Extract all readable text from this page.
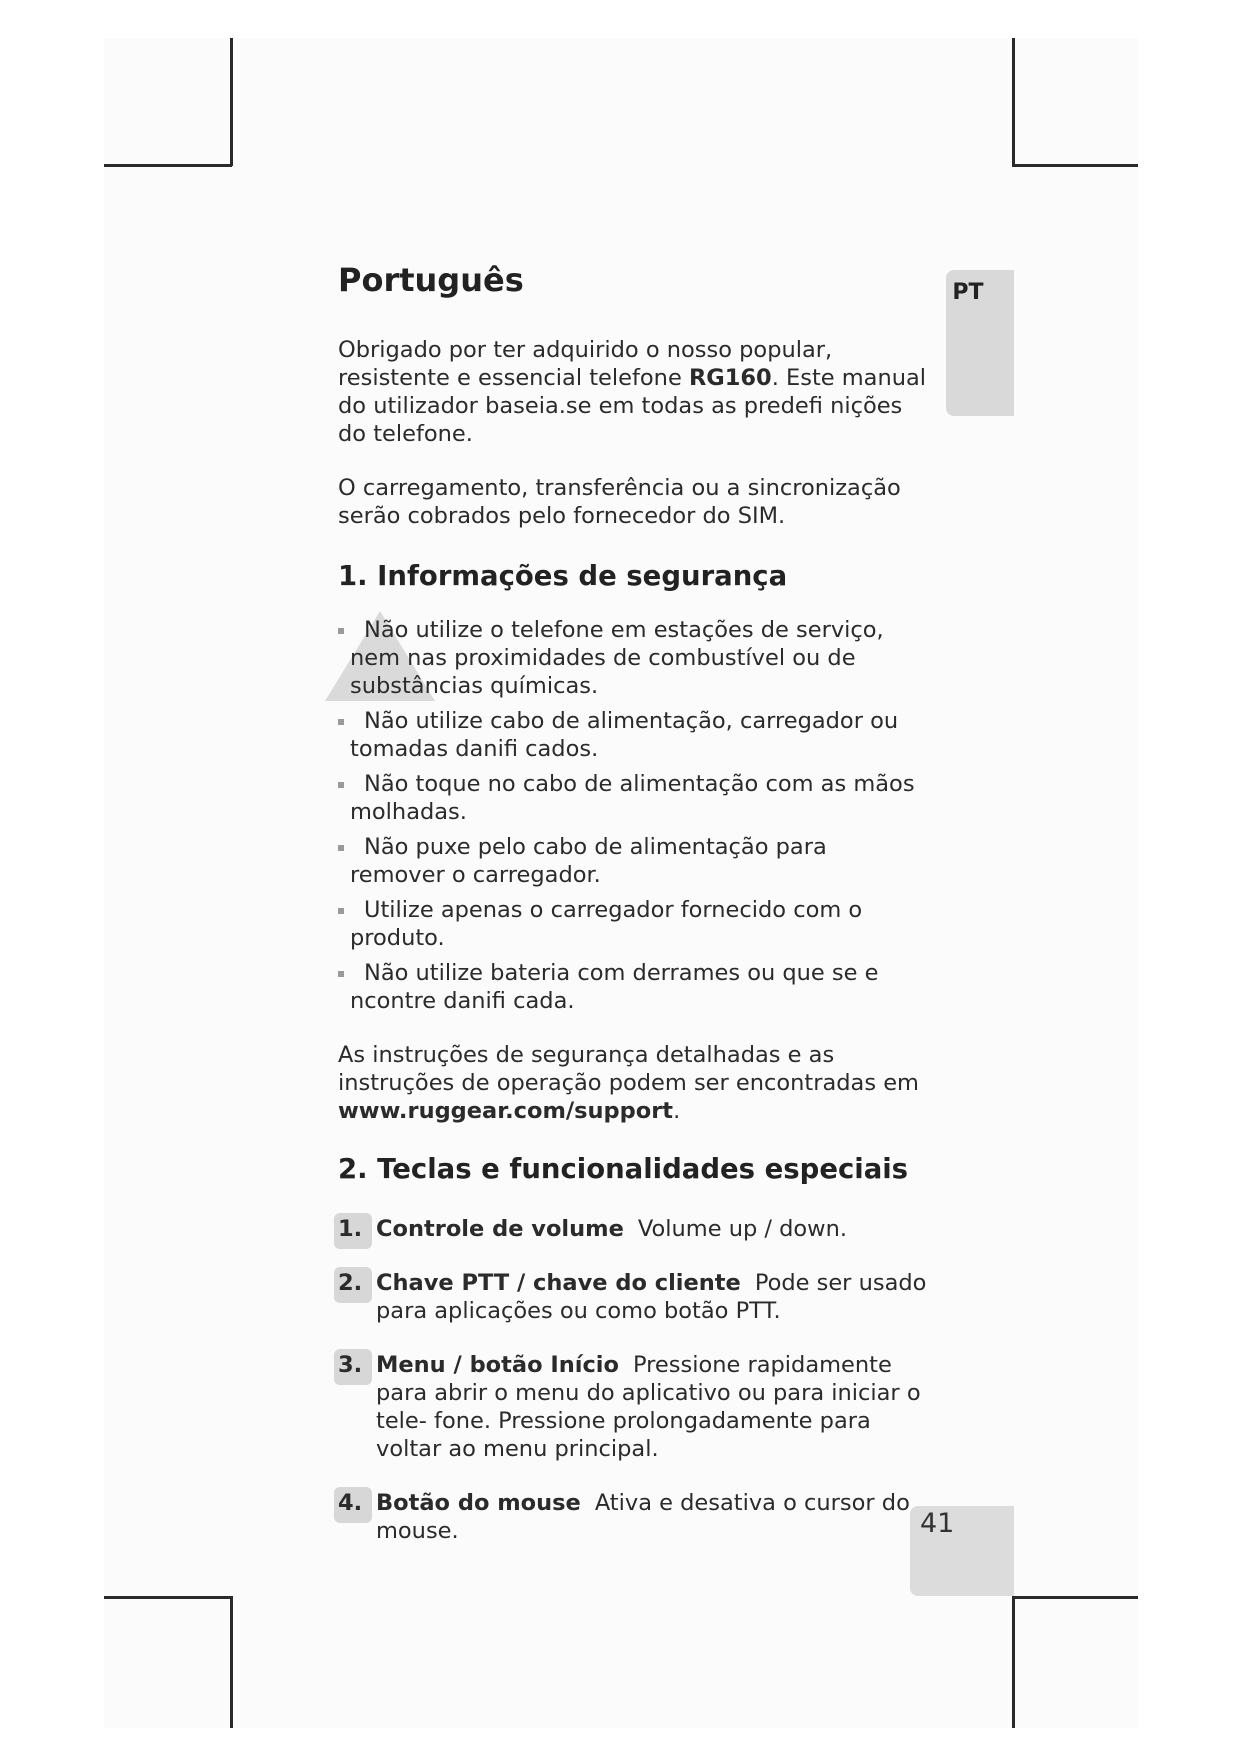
PT
41
Português

Obrigado por ter adquirido o nosso popular, resistente e essencial telefone RG160. Este manual do utilizador baseia.se em todas as predefi nições do telefone.

O carregamento, transferência ou a sincronização serão cobrados pelo fornecedor do SIM.

1. Informações de segurança
Não utilize o telefone em estações de serviço, nem nas proximidades de combustível ou de substâncias químicas.
Não utilize cabo de alimentação, carregador ou tomadas danifi cados.
Não toque no cabo de alimentação com as mãos molhadas.
Não puxe pelo cabo de alimentação para remover o carregador.
Utilize apenas o carregador fornecido com o produto.
Não utilize bateria com derrames ou que se e ncontre danifi cada.

As instruções de segurança detalhadas e as instruções de operação podem ser encontradas em www.ruggear.com/support.

2. Teclas e funcionalidades especiais
1. Controle de volume Volume up / down.
2. Chave PTT / chave do cliente Pode ser usado para aplicações ou como botão PTT.
3. Menu / botão Início Pressione rapidamente para abrir o menu do aplicativo ou para iniciar o tele- fone. Pressione prolongadamente para voltar ao menu principal.
4. Botão do mouse Ativa e desativa o cursor do mouse.
